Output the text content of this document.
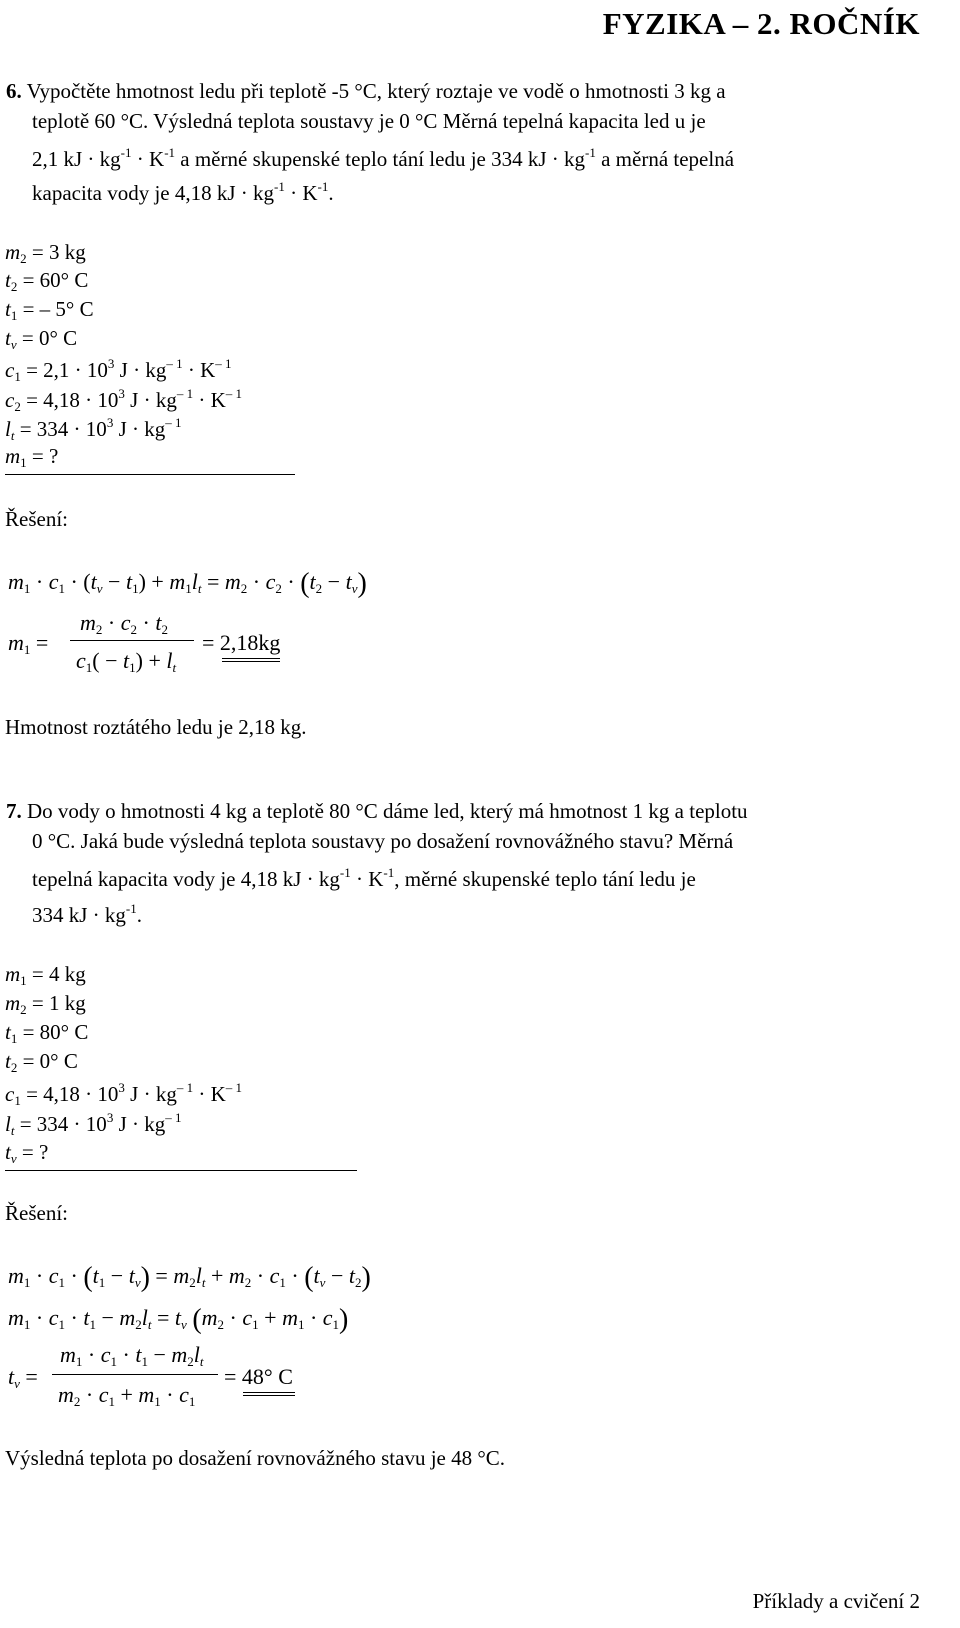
FYZIKA – 2. ROČNÍK
6. Vypočtěte hmotnost ledu při teplotě -5 °C, který roztaje ve vodě o hmotnosti 3 kg a
teplotě 60 °C. Výsledná teplota soustavy je 0 °C Měrná tepelná kapacita led u je
2,1 kJ · $kg^{-1} \cdot K^{-1}$ a měrné skupenské teplo tání ledu je 334 kJ · $kg^{-1}$ a měrná tepelná
kapacita vody je 4,18 kJ · $kg^{-1} \cdot K^{-1}$.
$m_2 = 3$ kg
$t_2 = 60^\circ$ C
$t_1$ = – 5° C
$t_v = 0^\circ$ C
$c_1 = 2,1 \cdot 10^3$ $J \cdot kg^{- 1} \cdot K^{- 1}$
$c_2 = 4,18 \cdot 10^3$ $J \cdot kg^{- 1} \cdot K^{- 1}$
$l_t = 334 \cdot 10^3$ $J \cdot kg^{- 1}$
$m_1$ = ?
Řešení:
$m_1 \cdot c_1 \cdot (t_v - t_1) + m_1l_t = m_2 \cdot c_2 \cdot (t_2 - t_v)$
$m_1$ =
$m_2 \cdot c_2 \cdot t_2$
$c_1( - t_1) + l_t$
= 2,18kg
Hmotnost roztátého ledu je 2,18 kg.
7. Do vody o hmotnosti 4 kg a teplotě 80 °C dáme led, který má hmotnost 1 kg a teplotu
0 °C. Jaká bude výsledná teplota soustavy po dosažení rovnovážného stavu? Měrná
tepelná kapacita vody je 4,18 kJ · $kg^{-1} \cdot K^{-1}$, měrné skupenské teplo tání ledu je
334 kJ · $kg^{-1}$.
$m_1 = 4$ kg
$m_2 = 1$ kg
$t_1 = 80^\circ$ C
$t_2 = 0^\circ$ C
$c_1 = 4,18 \cdot 10^3$ $J \cdot kg^{- 1} \cdot K^{- 1}$
$l_t = 334 \cdot 10^3$ $J \cdot kg^{- 1}$
$t_v$ = ?
Řešení:
$m_1 \cdot c_1 \cdot (t_1 - t_v) = m_2l_t + m_2 \cdot c_1 \cdot (t_v - t_2)$
$m_1 \cdot c_1 \cdot t_1 - m_2l_t = t_v$ $(m_2 \cdot c_1 + m_1 \cdot c_1)$
$t_v$ =
$m_1 \cdot c_1 \cdot t_1 - m_2l_t$
$m_2 \cdot c_1 + m_1 \cdot c_1$
= 48° C
Výsledná teplota po dosažení rovnovážného stavu je 48 °C.
Příklady a cvičení 2
